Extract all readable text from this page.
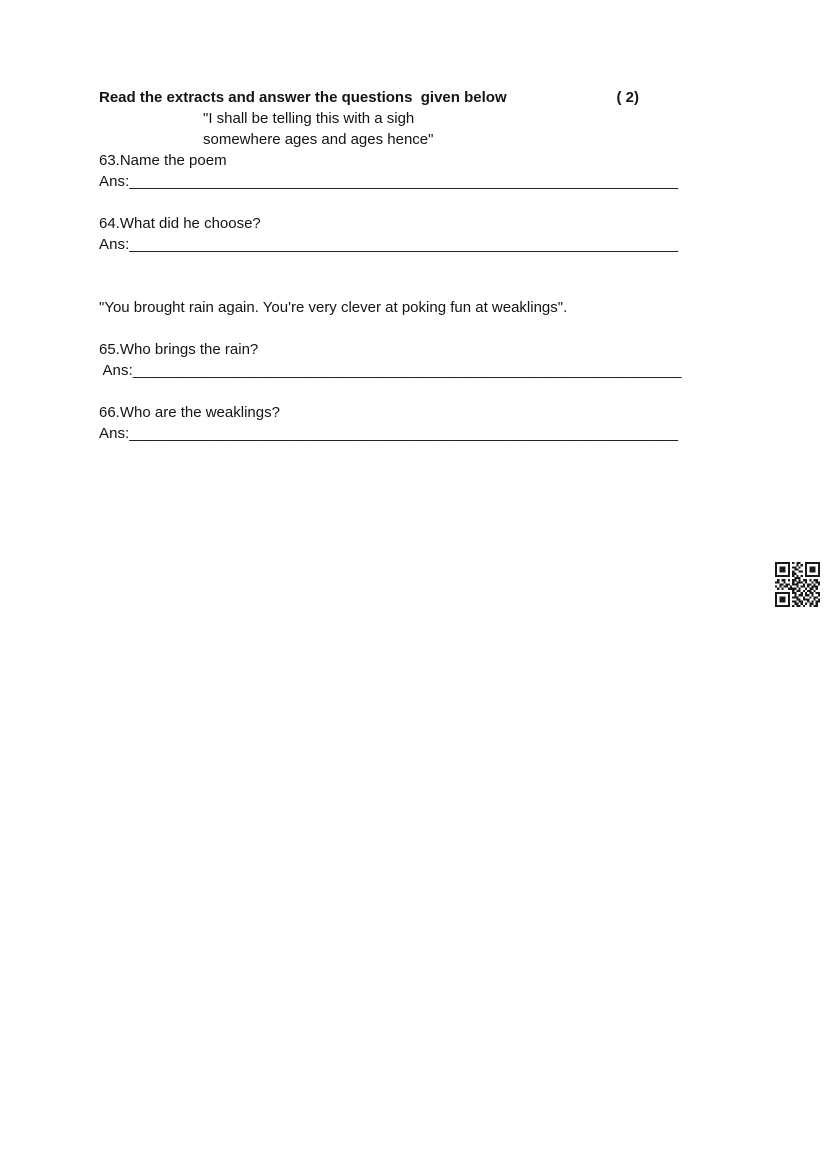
Read the extracts and answer the questions  given below	( 2)
"I shall be telling this with a sigh
somewhere ages and ages hence"
63.Name the poem
Ans:_________________________________________________________________
64.What did he choose?
Ans:_________________________________________________________________
"You brought rain again. You're very clever at poking fun at weaklings".
65.Who brings the rain?
Ans:_________________________________________________________________
66.Who are the weaklings?
Ans:_________________________________________________________________
